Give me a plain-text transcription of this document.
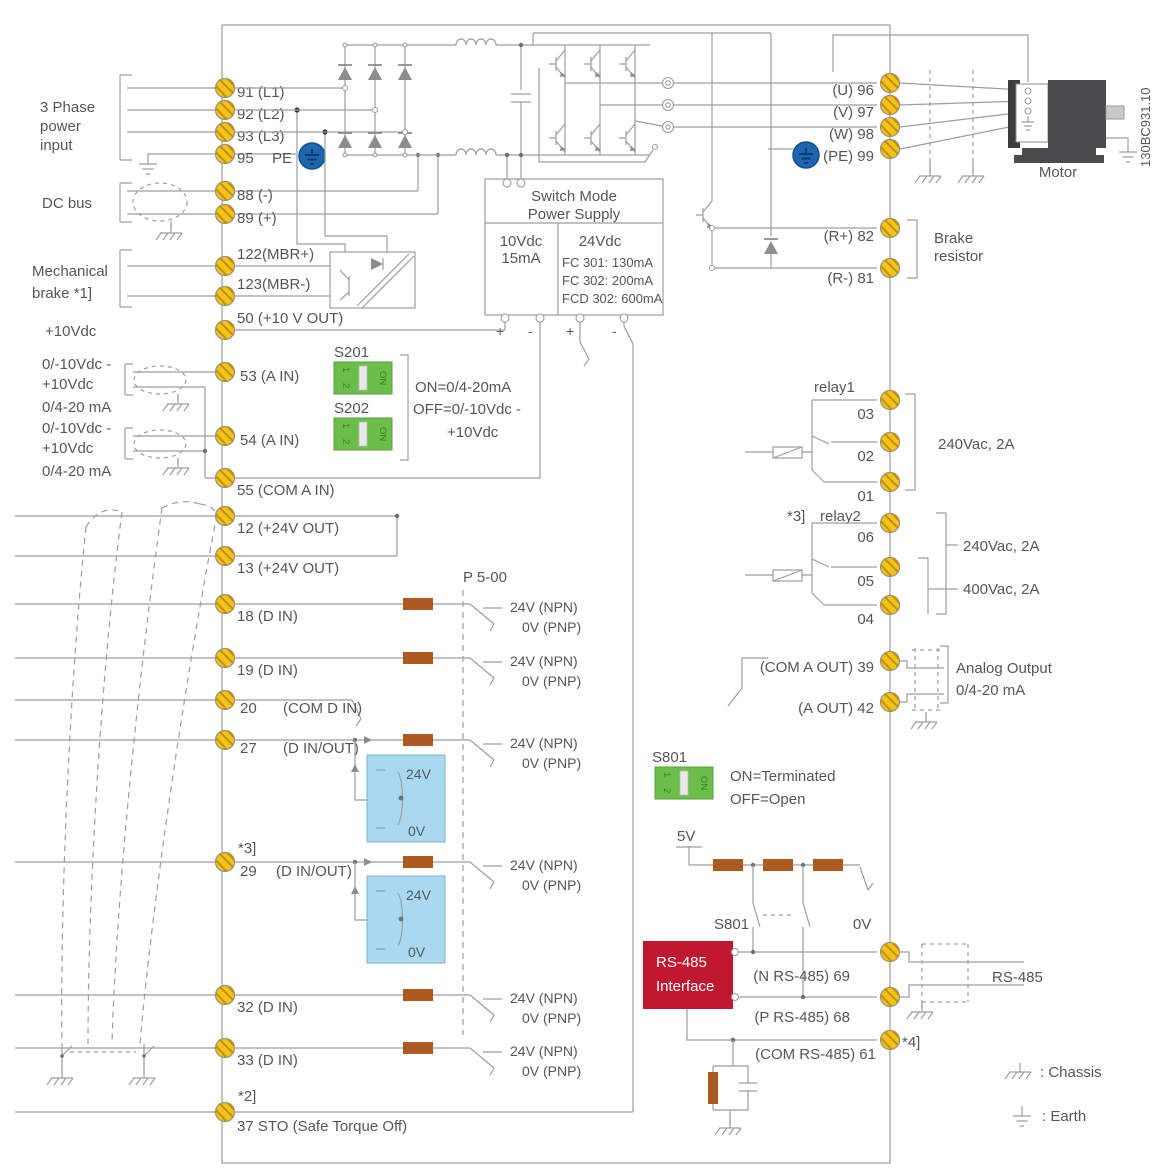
3 Phase
power
input
91 (L1)
92 (L2)
93 (L3)
95 PE
DC bus	88 (-)
89 (+)
Mechanical
brake *1]
122(MBR+)
123(MBR-)
Switch Mode
Power Supply
10Vdc
15mA
24Vdc
FC 301: 130mA
FC 302: 200mA
FCD 302: 600mA
+ - +	-
+10Vdc
50 (+10 V OUT)
0/-10Vdc -
+10Vdc
0/4-20 mA
0/-10Vdc -
+10Vdc
0/4-20 mA
53 (A IN)
54 (A IN)
55 (COM A IN)
S201
1
2
ON
S202
1
2
ON
ON=0/4-20mA
OFF=0/-10Vdc -
+10Vdc
12 (+24V OUT)
13 (+24V OUT)
P 5-00
18 (D IN)
24V (NPN)
0V (PNP)
19 (D IN)
24V (NPN)
0V (PNP)
20 (COM D IN)
27 (D IN/OUT)	24V (NPN)
0V (PNP)
24V
0V
*3]
29 (D IN/OUT)	24V (NPN)
0V (PNP)
24V
0V
32 (D IN)
24V (NPN)
0V (PNP)
33 (D IN)
24V (NPN)
0V (PNP)
*2]
37 STO (Safe Torque Off)
(U) 96
(V) 97
(W) 98
(PE) 99
Motor
130BC931.10
(R+) 82
(R-) 81
Brake
resistor
relay1
03
02
01
240Vac, 2A
*3] relay2
06
05
04
240Vac, 2A
400Vac, 2A
(COM A OUT) 39
(A OUT) 42
Analog Output
0/4-20 mA
S801
1
2
ON ON=Terminated
OFF=Open
5V
S801	0V
RS-485
Interface
(N RS-485) 69
(P RS-485) 68
(COM RS-485) 61
*4]
RS-485
: Chassis
: Earth
